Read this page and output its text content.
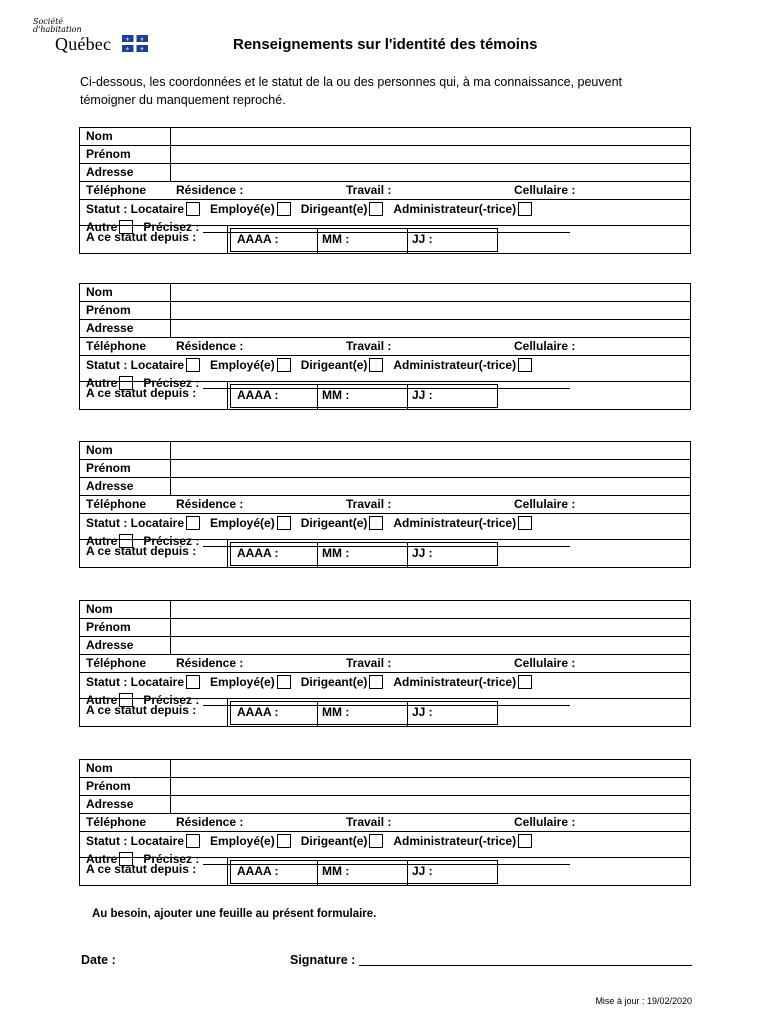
Société
d'habitation
Québec	⚜ ⚜
⚜ ⚜	Renseignements sur l'identité des témoins
Ci-dessous, les coordonnées et le statut de la ou des personnes qui, à ma connaissance, peuvent témoigner du manquement reproché.
Nom
Prénom
Adresse
Téléphone Résidence :	Travail :	Cellulaire :
Statut : Locataire Employé(e) Dirigeant(e) Administrateur(-trice)
Autre Précisez :
A ce statut depuis :	AAAA :	MM :	JJ :
Nom
Prénom
Adresse
Téléphone Résidence :	Travail :	Cellulaire :
Statut : Locataire Employé(e) Dirigeant(e) Administrateur(-trice)
Autre Précisez :
A ce statut depuis :	AAAA :	MM :	JJ :
Nom
Prénom
Adresse
Téléphone Résidence :	Travail :	Cellulaire :
Statut : Locataire Employé(e) Dirigeant(e) Administrateur(-trice)
Autre Précisez :
A ce statut depuis :	AAAA :	MM :	JJ :
Nom
Prénom
Adresse
Téléphone Résidence :	Travail :	Cellulaire :
Statut : Locataire Employé(e) Dirigeant(e) Administrateur(-trice)
Autre Précisez :
A ce statut depuis :	AAAA :	MM :	JJ :
Nom
Prénom
Adresse
Téléphone Résidence :	Travail :	Cellulaire :
Statut : Locataire Employé(e) Dirigeant(e) Administrateur(-trice)
Autre Précisez :
A ce statut depuis :	AAAA :	MM :	JJ :
Au besoin, ajouter une feuille au présent formulaire.
Date :	Signature :
Mise à jour : 19/02/2020
